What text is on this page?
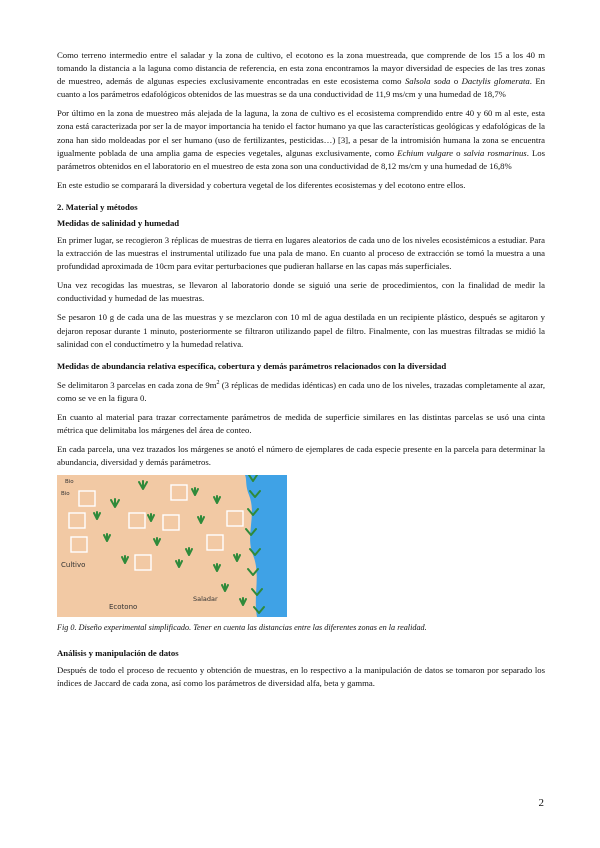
Como terreno intermedio entre el saladar y la zona de cultivo, el ecotono es la zona muestreada, que comprende de los 15 a los 40 m tomando la distancia a la laguna como distancia de referencia, en esta zona encontramos la mayor diversidad de especies de las tres zonas de muestreo, además de algunas especies exclusivamente encontradas en este ecosistema como Salsola soda o Dactylis glomerata. En cuanto a los parámetros edafológicos obtenidos de las muestras se da una conductividad de 11,9 ms/cm y una humedad de 18,7%

Por último en la zona de muestreo más alejada de la laguna, la zona de cultivo es el ecosistema comprendido entre 40 y 60 m al este, esta zona está caracterizada por ser la de mayor importancia ha tenido el factor humano ya que las características geológicas y edafológicas de la zona han sido moldeadas por el ser humano (uso de fertilizantes, pesticidas…) [3], a pesar de la intromisión humana la zona se encuentra igualmente poblada de una amplia gama de especies vegetales, algunas exclusivamente, como Echium vulgare o salvia rosmarinus. Los parámetros obtenidos en el laboratorio en el muestreo de esta zona son una conductividad de 8,12 ms/cm y una humedad de 16,8%

En este estudio se comparará la diversidad y cobertura vegetal de los diferentes ecosistemas y del ecotono entre ellos.

2. Material y métodos
Medidas de salinidad y humedad

En primer lugar, se recogieron 3 réplicas de muestras de tierra en lugares aleatorios de cada uno de los niveles ecosistémicos a estudiar. Para la extracción de las muestras el instrumental utilizado fue una pala de mano. En cuanto al proceso de extracción se tomó la muestra a una profundidad aproximada de 10cm para evitar perturbaciones que pudieran hallarse en las capas más superficiales.

Una vez recogidas las muestras, se llevaron al laboratorio donde se siguió una serie de procedimientos, con la finalidad de medir la conductividad y humedad de las muestras.

Se pesaron 10 g de cada una de las muestras y se mezclaron con 10 ml de agua destilada en un recipiente plástico, después se agitaron y dejaron reposar durante 1 minuto, posteriormente se filtraron utilizando papel de filtro. Finalmente, con las muestras filtradas se midió la salinidad con el conductímetro y la humedad relativa.

Medidas de abundancia relativa específica, cobertura y demás parámetros relacionados con la diversidad

Se delimitaron 3 parcelas en cada zona de $9m^2$ (3 réplicas de medidas idénticas) en cada uno de los niveles, trazadas completamente al azar, como se ve en la figura 0.

En cuanto al material para trazar correctamente parámetros de medida de superficie similares en las distintas parcelas se usó una cinta métrica que delimitaba los márgenes del área de conteo.

En cada parcela, una vez trazados los márgenes se anotó el número de ejemplares de cada especie presente en la parcela para determinar la abundancia, diversidad y demás parámetros.

Bio
Bio
Cultivo
Ecotono
Saladar
Fig 0. Diseño experimental simplificado. Tener en cuenta las distancias entre las diferentes zonas en la realidad.
Análisis y manipulación de datos

Después de todo el proceso de recuento y obtención de muestras, en lo respectivo a la manipulación de datos se tomaron por separado los índices de Jaccard de cada zona, así como los parámetros de diversidad alfa, beta y gamma.

2
